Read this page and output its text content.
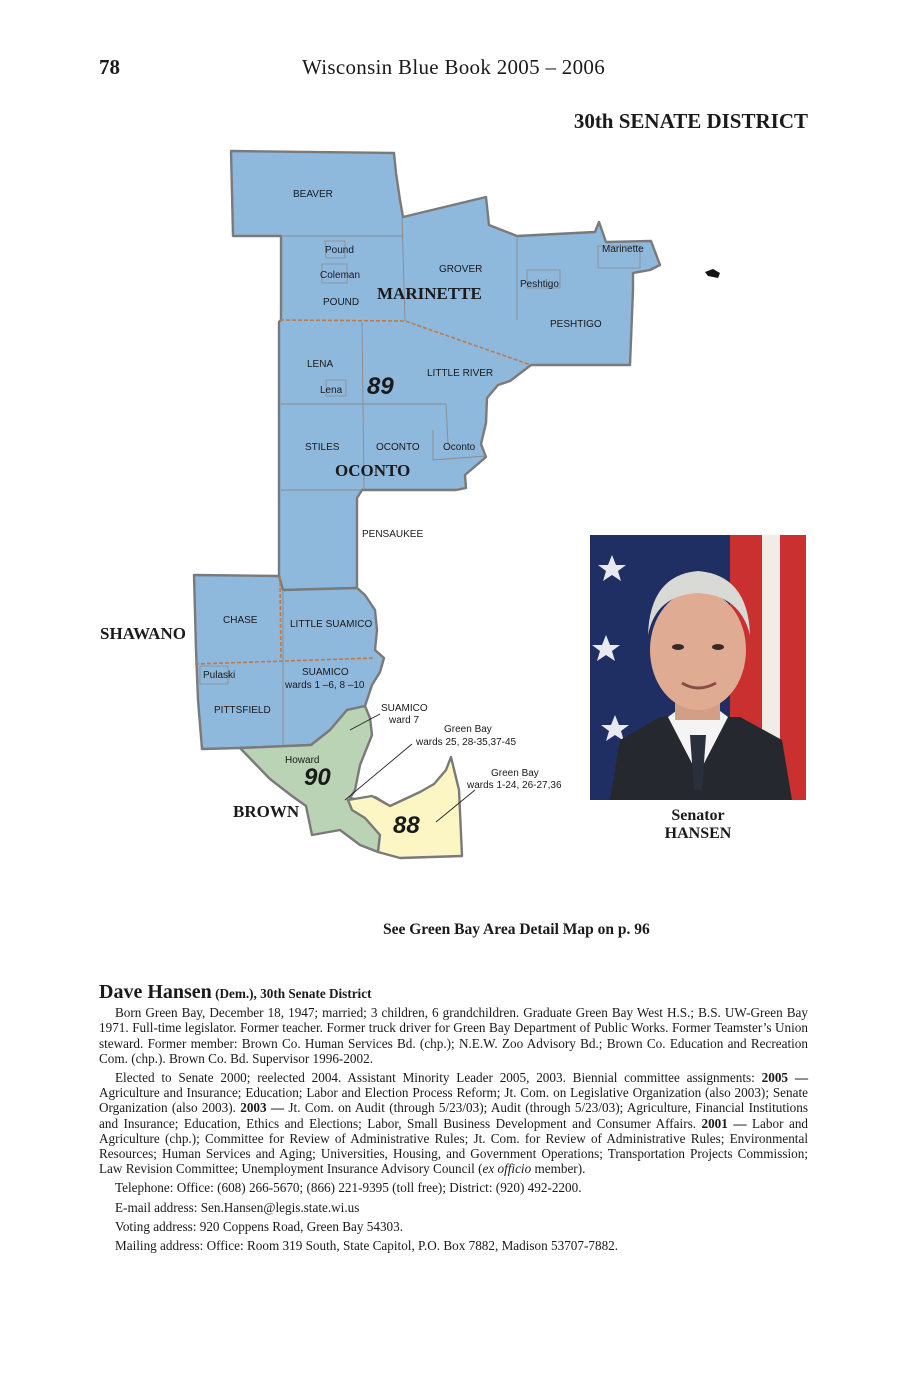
78	Wisconsin Blue Book 2005 – 2006
30th SENATE DISTRICT
BEAVER
Pound
Coleman
POUND
GROVER
Peshtigo
Marinette
PESHTIGO
LENA
Lena
LITTLE RIVER
STILES	OCONTO Oconto
PENSAUKEE
CHASE	LITTLE SUAMICO
Pulaski	SUAMICO
wards 1 –6, 8 –10
PITTSFIELD	SUAMICO
ward 7
Green Bay
wards 25, 28-35,37-45
Howard
Green Bay
wards 1-24, 26-27,36
MARINETTE
OCONTO
SHAWANO
BROWN
89
90
88	Senator
HANSEN
See Green Bay Area Detail Map on p. 96
Dave Hansen (Dem.), 30th Senate District

Born Green Bay, December 18, 1947; married; 3 children, 6 grandchildren. Graduate Green Bay West H.S.; B.S. UW-Green Bay 1971. Full-time legislator. Former teacher. Former truck driver for Green Bay Department of Public Works. Former Teamster’s Union steward. Former member: Brown Co. Human Services Bd. (chp.); N.E.W. Zoo Advisory Bd.; Brown Co. Education and Recreation Com. (chp.). Brown Co. Bd. Supervisor 1996-2002.

Elected to Senate 2000; reelected 2004. Assistant Minority Leader 2005, 2003. Biennial committee assignments: 2005 — Agriculture and Insurance; Education; Labor and Election Process Reform; Jt. Com. on Legislative Organization (also 2003); Senate Organization (also 2003). 2003 — Jt. Com. on Audit (through 5/23/03); Audit (through 5/23/03); Agriculture, Financial Institutions and Insurance; Education, Ethics and Elections; Labor, Small Business Development and Consumer Affairs. 2001 — Labor and Agriculture (chp.); Committee for Review of Administrative Rules; Jt. Com. for Review of Administrative Rules; Environmental Resources; Human Services and Aging; Universities, Housing, and Government Operations; Transportation Projects Commission; Law Revision Committee; Unemployment Insurance Advisory Council (ex officio member).

Telephone: Office: (608) 266-5670; (866) 221-9395 (toll free); District: (920) 492-2200.

E-mail address: Sen.Hansen@legis.state.wi.us

Voting address: 920 Coppens Road, Green Bay 54303.

Mailing address: Office: Room 319 South, State Capitol, P.O. Box 7882, Madison 53707-7882.
